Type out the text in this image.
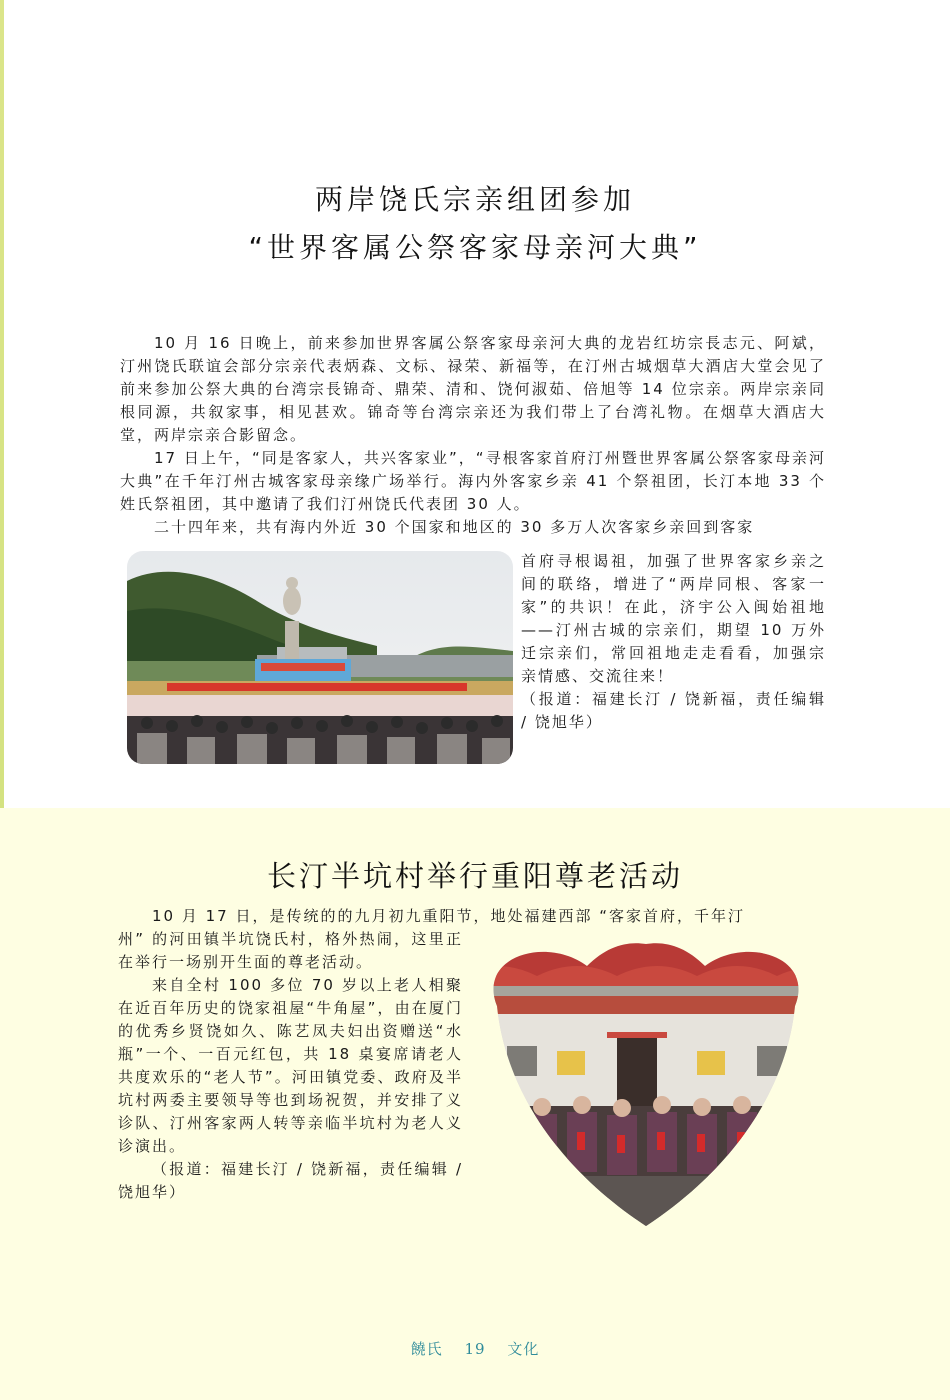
两岸饶氏宗亲组团参加
“世界客属公祭客家母亲河大典”

10 月 16 日晚上，前来参加世界客属公祭客家母亲河大典的龙岩红坊宗長志元、阿斌，汀州饶氏联谊会部分宗亲代表炳森、文标、禄荣、新福等，在汀州古城烟草大酒店大堂会见了前来参加公祭大典的台湾宗長锦奇、鼎荣、清和、饶何淑茹、倍旭等 14 位宗亲。两岸宗亲同根同源，共叙家事，相见甚欢。锦奇等台湾宗亲还为我们带上了台湾礼物。在烟草大酒店大堂，两岸宗亲合影留念。

17 日上午，“同是客家人，共兴客家业”，“寻根客家首府汀州暨世界客属公祭客家母亲河大典”在千年汀州古城客家母亲缘广场举行。海内外客家乡亲 41 个祭祖团，长汀本地 33 个姓氏祭祖团，其中邀请了我们汀州饶氏代表团 30 人。

二十四年来，共有海内外近 30 个国家和地区的 30 多万人次客家乡亲回到客家

首府寻根谒祖，加强了世界客家乡亲之间的联络，增进了“两岸同根、客家一家”的共识！在此，济宇公入闽始祖地——汀州古城的宗亲们，期望 10 万外迁宗亲们，常回祖地走走看看，加强宗亲情感、交流往来！

（报道：福建长汀 / 饶新福，责任编辑 / 饶旭华）

长汀半坑村举行重阳尊老活动

10 月 17 日，是传统的的九月初九重阳节，地处福建西部 “客家首府，千年汀

州” 的河田镇半坑饶氏村，格外热闹，这里正在举行一场别开生面的尊老活动。

来自全村 100 多位 70 岁以上老人相聚在近百年历史的饶家祖屋“牛角屋”，由在厦门的优秀乡贤饶如久、陈艺凤夫妇出资赠送“水瓶”一个、一百元红包，共 18 桌宴席请老人共度欢乐的“老人节”。河田镇党委、政府及半坑村两委主要领导等也到场祝贺，并安排了义诊队、汀州客家两人转等亲临半坑村为老人义诊演出。

（报道：福建长汀 / 饶新福，责任编辑 / 饶旭华）

饒氏 19 文化
